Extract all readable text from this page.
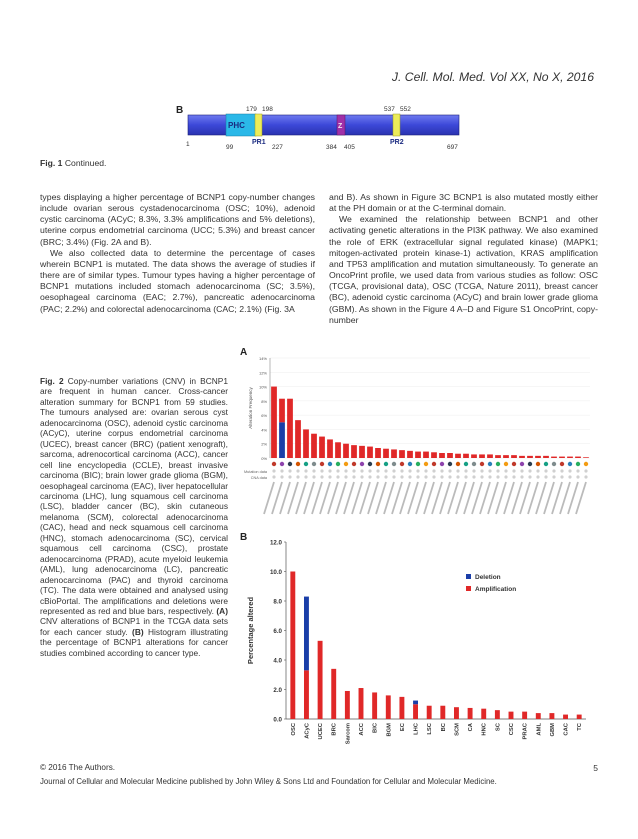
J. Cell. Mol. Med. Vol XX, No X, 2016
B
PHC
PR1
Z
PR2
179 198	537 552
1	99	227	384 405	697
Fig. 1 Continued.

types displaying a higher percentage of BCNP1 copy-number changes include ovarian serous cystadenocarcinoma (OSC; 10%), adenoid cystic carcinoma (ACyC; 8.3%, 3.3% amplifications and 5% deletions), uterine corpus endometrial carcinoma (UCC; 5.3%) and breast cancer (BRC; 3.4%) (Fig. 2A and B).

We also collected data to determine the percentage of cases wherein BCNP1 is mutated. The data shows the average of studies if there are of similar types. Tumour types having a higher percentage of BCNP1 mutations included stomach adenocarcinoma (SC; 3.5%), oesophageal carcinoma (EAC; 2.7%), pancreatic adenocarcinoma (PAC; 2.2%) and colorectal adenocarcinoma (CAC; 2.1%) (Fig. 3A

and B). As shown in Figure 3C BCNP1 is also mutated mostly either at the PH domain or at the C-terminal domain.

We examined the relationship between BCNP1 and other activating genetic alterations in the PI3K pathway. We also examined the role of ERK (extracellular signal regulated kinase) (MAPK1; mitogen-activated protein kinase-1) activation, KRAS amplification and TP53 amplification and mutation simultaneously. To generate an OncoPrint profile, we used data from various studies as follow: OSC (TCGA, provisional data), OSC (TCGA, Nature 2011), breast cancer (BC), adenoid cystic carcinoma (ACyC) and brain lower grade glioma (GBM). As shown in the Figure 4 A–D and Figure S1 OncoPrint, copy-number

Fig. 2 Copy-number variations (CNV) in BCNP1 are frequent in human cancer. Cross-cancer alteration summary for BCNP1 from 59 studies. The tumours analysed are: ovarian serous cyst adenocarcinoma (OSC), adenoid cystic carcinoma (ACyC), uterine corpus endometrial carcinoma (UCEC), breast cancer (BRC) (patient xenograft), sarcoma, adrenocortical carcinoma (ACC), cancer cell line encyclopedia (CCLE), breast invasive carcinoma (BIC); brain lower grade glioma (BGM), oesophageal carcinoma (EAC), liver hepatocellular carcinoma (LHC), lung squamous cell carcinoma (LSC), bladder cancer (BC), skin cutaneous melanoma (SCM), colorectal adenocarcinoma (CAC), head and neck squamous cell carcinoma (HNC), stomach adenocarcinoma (SC), cervical squamous cell carcinoma (CSC), prostate adenocarcinoma (PRAD), acute myeloid leukemia (AML), lung adenocarcinoma (LC), pancreatic adenocarcinoma (PAC) and thyroid carcinoma (TC). The data were obtained and analysed using cBioPortal. The amplifications and deletions were represented as red and blue bars, respectively. (A) CNV alterations of BCNP1 in the TCGA data sets for each cancer study. (B) Histogram illustrating the percentage of BCNP1 alterations for cancer studies combined according to cancer type.
A
14%
12%
10%
8%
6%
4%
2%
0%
Alteration Frequency
Mutation data
CNA data
B	12.0
10.0
8.0
6.0
4.0
2.0
0.0
Percentage altered
OSC ACyC UCEC BRC Sarcom ACC BIC BGM EC LHC LSC BC SCM CA HNC SC CSC PRAC AML GBM CAC TC
Deletion
Amplification
© 2016 The Authors.	5
Journal of Cellular and Molecular Medicine published by John Wiley & Sons Ltd and Foundation for Cellular and Molecular Medicine.
